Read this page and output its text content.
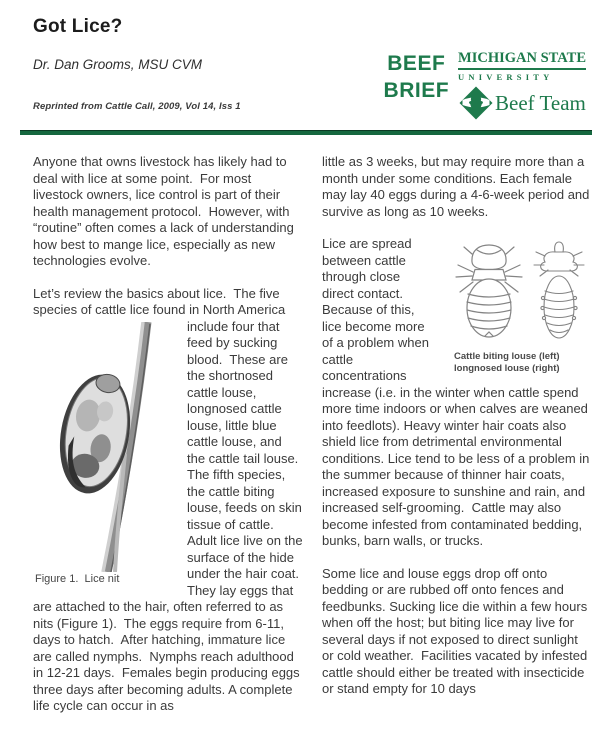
Got Lice?
Dr. Dan Grooms, MSU CVM
Reprinted from Cattle Call, 2009, Vol 14, Iss 1
BEEF
BRIEF
MICHIGAN STATE
UNIVERSITY
Beef Team

Anyone that owns livestock has likely had to deal with lice at some point.  For most livestock owners, lice control is part of their health management protocol.  However, with “routine” often comes a lack of understanding how best to mange lice, especially as new technologies evolve.

Let’s review the basics about lice.  The five species of cattle lice found in
Figure 1.  Lice nit
North America include four that feed by sucking blood.  These are the shortnosed cattle louse, longnosed cattle louse, little blue cattle louse, and the cattle tail louse. The fifth species, the cattle biting louse, feeds on skin tissue of cattle.  Adult lice live on the surface of the hide under the hair coat.  They lay eggs that are attached to the hair, often referred to as nits (Figure 1).  The eggs require from 6-11, days to hatch.  After hatching, immature lice are called nymphs.  Nymphs reach adulthood in 12-21 days.  Females begin producing eggs three days after becoming adults. A complete life cycle can occur in as

little as 3 weeks, but may require more than a month under some conditions. Each female may lay 40 eggs during a 4-6-week period and survive as long as 10 weeks.

Cattle biting louse (left)
longnosed louse (right)
Lice are spread between cattle through close direct contact. Because of this, lice become more of a problem when cattle concentrations increase (i.e. in the winter when cattle spend more time indoors or when calves are weaned into feedlots). Heavy winter hair coats also shield lice from detrimental environmental conditions. Lice tend to be less of a problem in the summer because of thinner hair coats, increased exposure to sunshine and rain, and increased self-grooming.  Cattle may also become infested from contaminated bedding, bunks, barn walls, or trucks.

Some lice and louse eggs drop off onto bedding or are rubbed off onto fences and feedbunks. Sucking lice die within a few hours when off the host; but biting lice may live for several days if not exposed to direct sunlight or cold weather.  Facilities vacated by infested cattle should either be treated with insecticide or stand empty for 10 days
